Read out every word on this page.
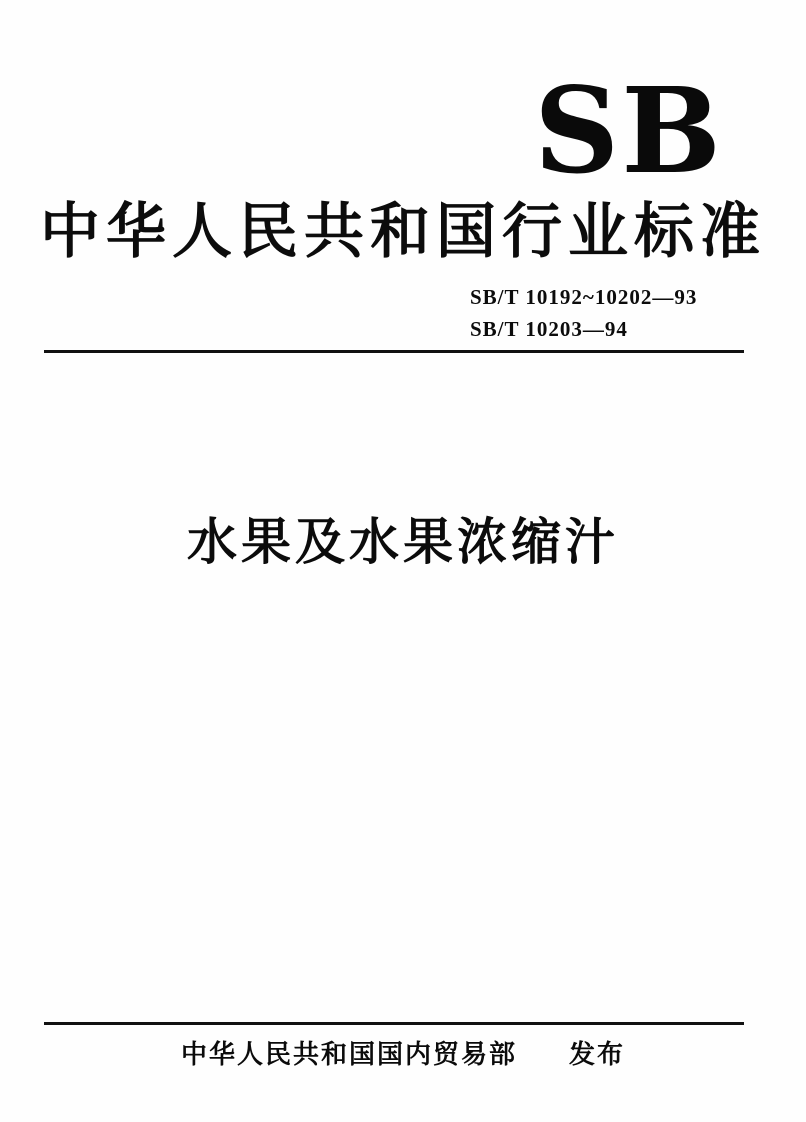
SB
中华人民共和国行业标准
SB/T 10192~10202—93
SB/T 10203—94
水果及水果浓缩汁
中华人民共和国国内贸易部 发布
